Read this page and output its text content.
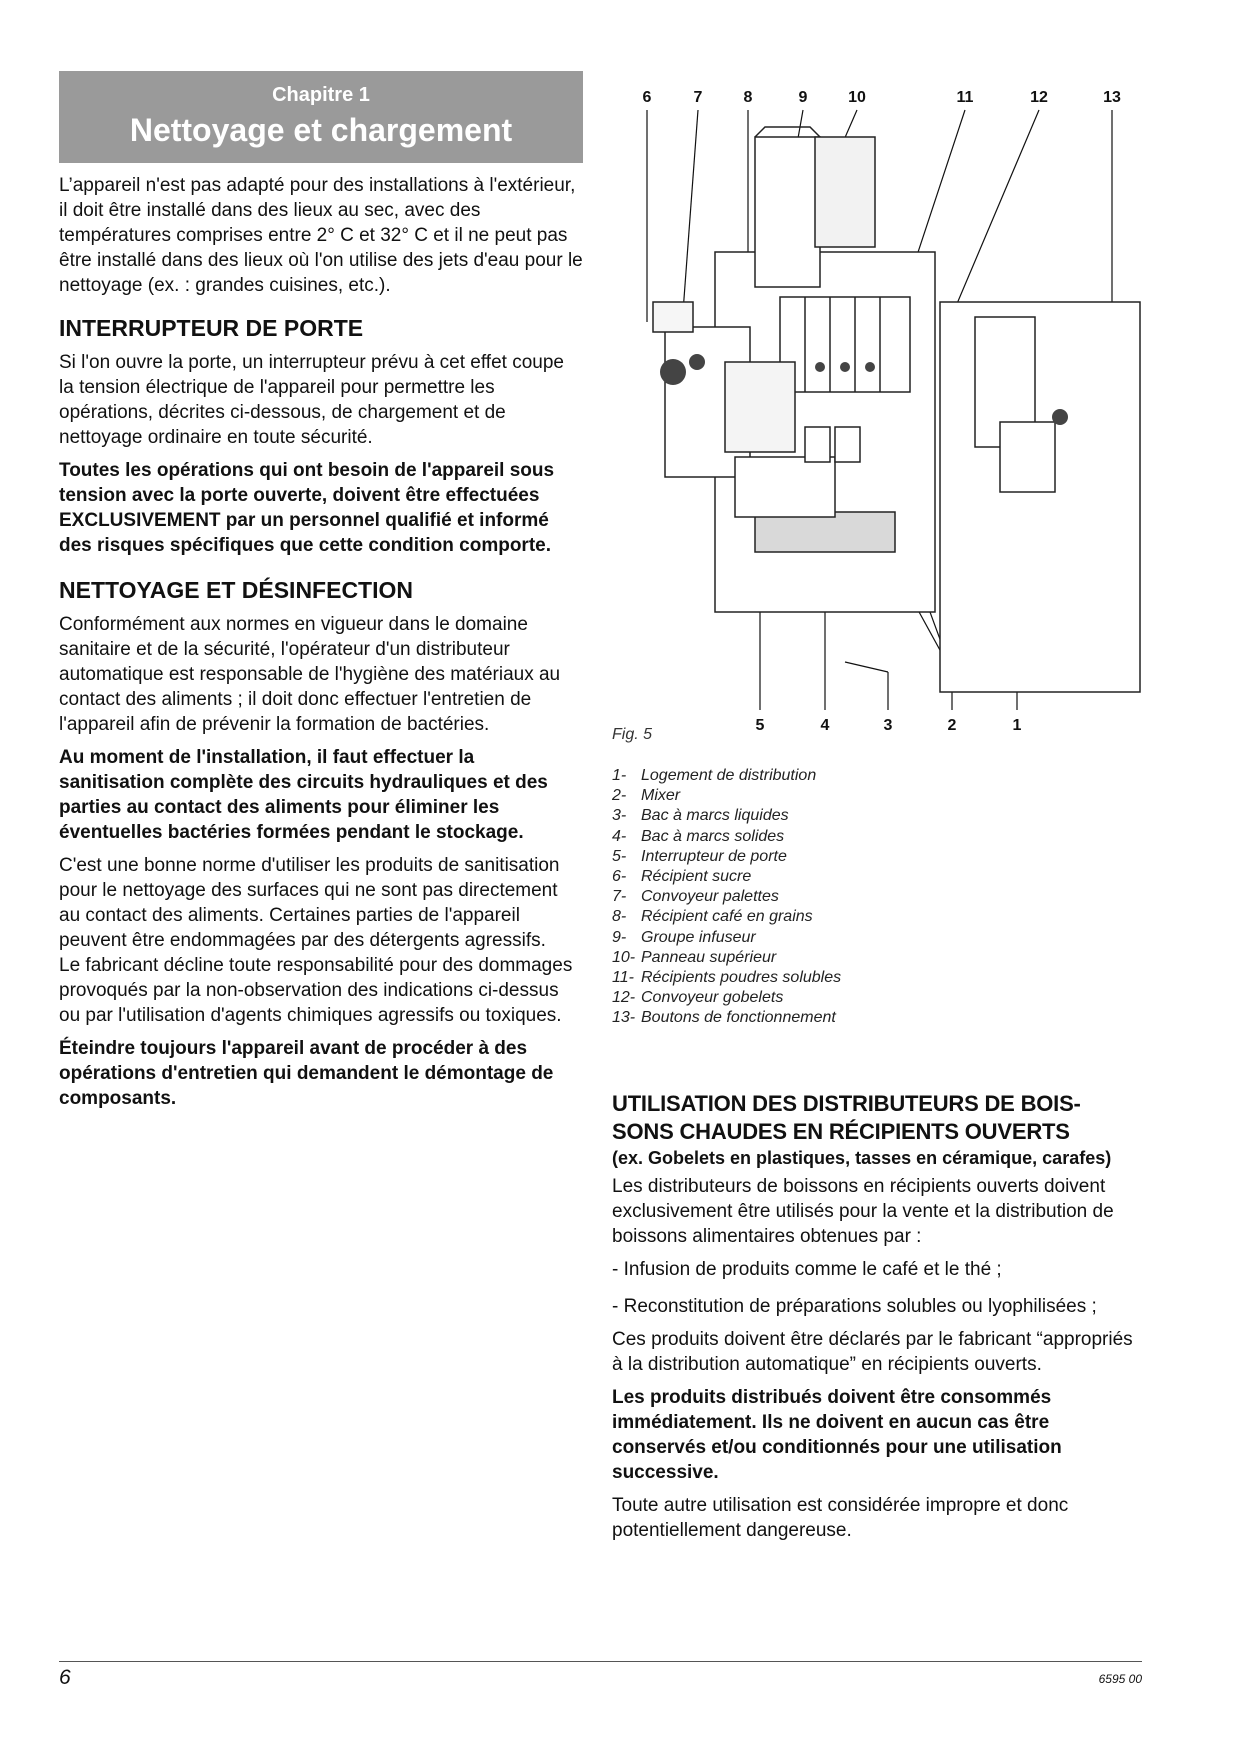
Chapitre 1
Nettoyage et chargement

L’appareil n'est pas adapté pour des installations à l'extérieur, il doit être installé dans des lieux au sec, avec des températures comprises entre 2° C et 32° C et il ne peut pas être installé dans des lieux où l'on utilise des jets d'eau pour le nettoyage (ex. : grandes cuisines, etc.).

INTERRUPTEUR DE PORTE

Si l'on ouvre la porte, un interrupteur prévu à cet effet coupe la tension électrique de l'appareil pour permettre les opérations, décrites ci-dessous, de chargement et de nettoyage ordinaire en toute sécurité.

Toutes les opérations qui ont besoin de l'appareil sous tension avec la porte ouverte, doivent être effectuées EXCLUSIVEMENT par un personnel qualifié et informé des risques spécifiques que cette condition comporte.

NETTOYAGE ET DÉSINFECTION

Conformément aux normes en vigueur dans le domaine sanitaire et de la sécurité, l'opérateur d'un distributeur automatique est responsable de l'hygiène des matériaux au contact des aliments ; il doit donc effectuer l'entretien de l'appareil afin de prévenir la formation de bactéries.

Au moment de l'installation, il faut effectuer la sanitisation complète des circuits hydrauliques et des parties au contact des aliments pour éliminer les éventuelles bactéries formées pendant le stockage.

C'est une bonne norme d'utiliser les produits de sanitisation pour le nettoyage des surfaces qui ne sont pas directement au contact des aliments. Certaines parties de l'appareil peuvent être endommagées par des détergents agressifs.

Le fabricant décline toute responsabilité pour des dommages provoqués par la non-observation des indications ci-dessus ou par l'utilisation d'agents chimiques agressifs ou toxiques.

Éteindre toujours l'appareil avant de procéder à des opérations d'entretien qui demandent le démontage de composants.

6	7	8	9	10	11	12	13
5	4	3	2	1
Fig. 5
1- Logement de distribution
2- Mixer
3- Bac à marcs liquides
4- Bac à marcs solides
5- Interrupteur de porte
6- Récipient sucre
7- Convoyeur palettes
8- Récipient café en grains
9- Groupe infuseur
10- Panneau supérieur
11- Récipients poudres solubles
12- Convoyeur gobelets
13- Boutons de fonctionnement
UTILISATION DES DISTRIBUTEURS DE BOIS-
SONS CHAUDES EN RÉCIPIENTS OUVERTS
(ex. Gobelets en plastiques, tasses en céramique, carafes)

Les distributeurs de boissons en récipients ouverts doivent exclusivement être utilisés pour la vente et la distribution de boissons alimentaires obtenues par :

- Infusion de produits comme le café et le thé ;

- Reconstitution de préparations solubles ou lyophilisées ;

Ces produits doivent être déclarés par le fabricant “appropriés à la distribution automatique” en récipients ouverts.

Les produits distribués doivent être consommés immédiatement. Ils ne doivent en aucun cas être conservés et/ou conditionnés pour une utilisation successive.

Toute autre utilisation est considérée impropre et donc potentiellement dangereuse.

6	6595 00
